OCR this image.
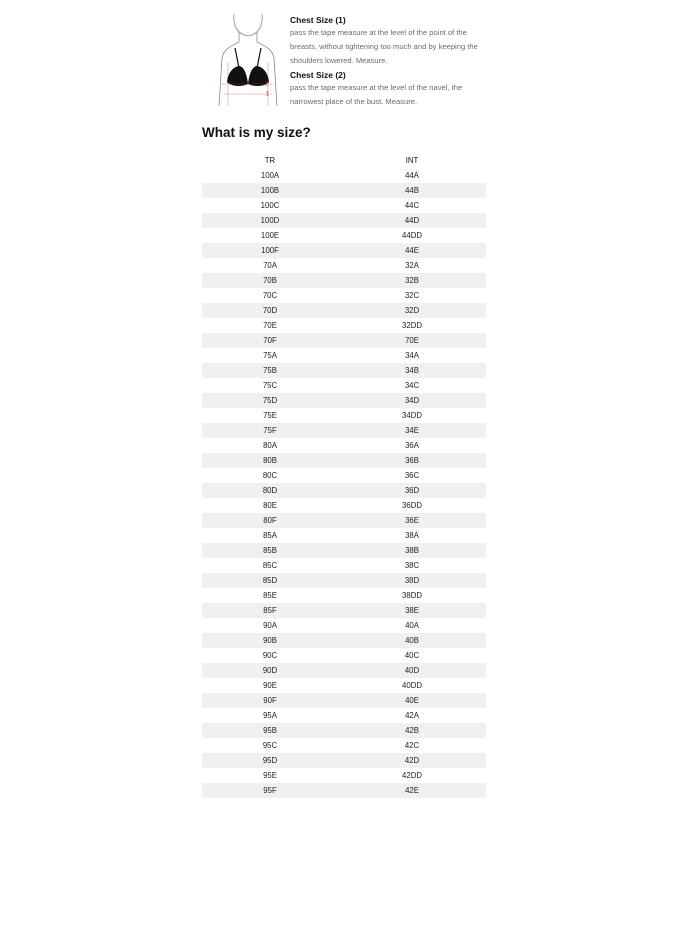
2
1
Chest Size (1)
pass the tape measure at the level of the point of the breasts, without tightening too much and by keeping the shoulders lowered. Measure.
Chest Size (2)
pass the tape measure at the level of the navel, the narrowest place of the bust. Measure.
What is my size?
TR	INT
100A	44A
100B	44B
100C	44C
100D	44D
100E	44DD
100F	44E
70A	32A
70B	32B
70C	32C
70D	32D
70E	32DD
70F	70E
75A	34A
75B	34B
75C	34C
75D	34D
75E	34DD
75F	34E
80A	36A
80B	36B
80C	36C
80D	36D
80E	36DD
80F	36E
85A	38A
85B	38B
85C	38C
85D	38D
85E	38DD
85F	38E
90A	40A
90B	40B
90C	40C
90D	40D
90E	40DD
90F	40E
95A	42A
95B	42B
95C	42C
95D	42D
95E	42DD
95F	42E
